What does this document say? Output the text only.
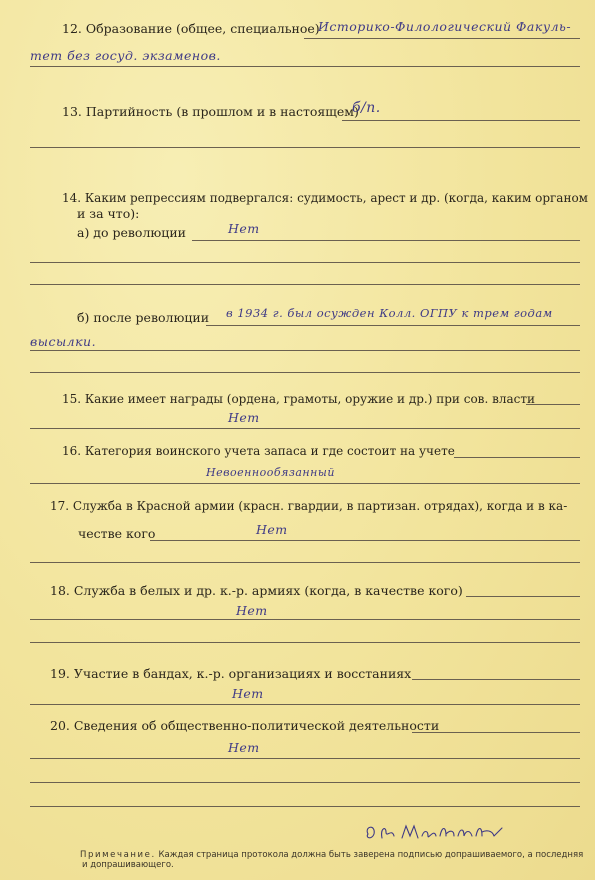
12. Образование (общее, специальное)
Историко-Филологический Факуль-
тет без госуд. экзаменов.
13. Партийность (в прошлом и в настоящем)
б/п.
14. Каким репрессиям подвергался: судимость, арест и др. (когда, каким органом
и за что):
а) до революции	Нет
б) после революции в 1934 г. был осужден Колл. ОГПУ к трем годам
высылки.
15. Какие имеет награды (ордена, грамоты, оружие и др.) при сов. власти
Нет
16. Категория воинского учета запаса и где состоит на учете
Невоеннообязанный
17. Служба в Красной армии (красн. гвардии, в партизан. отрядах), когда и в ка-
честве кого	Нет
18. Служба в белых и др. к.-р. армиях (когда, в качестве кого)
Нет
19. Участие в бандах, к.-р. организациях и восстаниях
Нет
20. Сведения об общественно-политической деятельности
Нет
Примечание. Каждая страница протокола должна быть заверена подписью допрашиваемого, а последняя
и допрашивающего.
